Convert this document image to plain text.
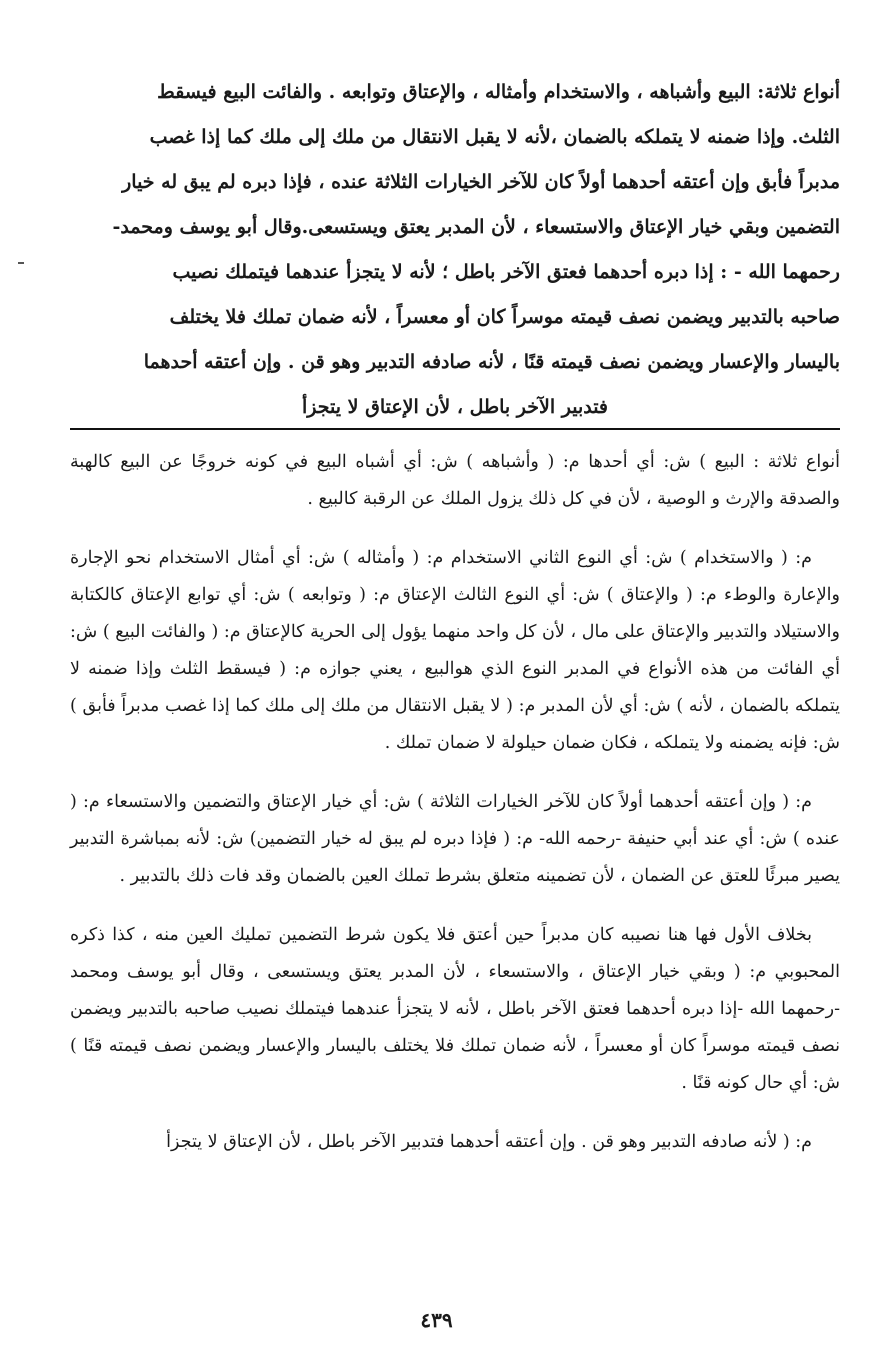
أنواع ثلاثة: البيع وأشباهه ، والاستخدام وأمثاله ، والإعتاق وتوابعه . والفائت البيع فيسقط

الثلث. وإذا ضمنه لا يتملكه بالضمان ،لأنه لا يقبل الانتقال من ملك إلى ملك كما إذا غصب

مدبراً فأبق وإن أعتقه أحدهما أولاً كان للآخر الخيارات الثلاثة عنده ، فإذا دبره لم يبق له خيار

التضمين وبقي خيار الإعتاق والاستسعاء ، لأن المدبر يعتق ويستسعى.وقال أبو يوسف ومحمد-

رحمهما الله - : إذا دبره أحدهما فعتق الآخر باطل ؛ لأنه لا يتجزأ عندهما فيتملك نصيب

صاحبه بالتدبير ويضمن نصف قيمته موسراً كان أو معسراً ، لأنه ضمان تملك فلا يختلف

باليسار والإعسار ويضمن نصف قيمته قنًا ، لأنه صادفه التدبير وهو قن . وإن أعتقه أحدهما

فتدبير الآخر باطل ، لأن الإعتاق لا يتجزأ

أنواع ثلاثة : البيع ) ش: أي أحدها م: ( وأشباهه ) ش: أي أشباه البيع في كونه خروجًا عن البيع كالهبة والصدقة والإرث و الوصية ، لأن في كل ذلك يزول الملك عن الرقبة كالبيع .

م: ( والاستخدام ) ش: أي النوع الثاني الاستخدام م: ( وأمثاله ) ش: أي أمثال الاستخدام نحو الإجارة والإعارة والوطء م: ( والإعتاق ) ش: أي النوع الثالث الإعتاق م: ( وتوابعه ) ش: أي توابع الإعتاق كالكتابة والاستيلاد والتدبير والإعتاق على مال ، لأن كل واحد منهما يؤول إلى الحرية كالإعتاق م: ( والفائت البيع ) ش: أي الفائت من هذه الأنواع في المدبر النوع الذي هوالبيع ، يعني جوازه م: ( فيسقط الثلث وإذا ضمنه لا يتملكه بالضمان ، لأنه ) ش: أي لأن المدبر م: ( لا يقبل الانتقال من ملك إلى ملك كما إذا غصب مدبراً فأبق ) ش: فإنه يضمنه ولا يتملكه ، فكان ضمان حيلولة لا ضمان تملك .

م: ( وإن أعتقه أحدهما أولاً كان للآخر الخيارات الثلاثة ) ش: أي خيار الإعتاق والتضمين والاستسعاء م: ( عنده ) ش: أي عند أبي حنيفة -رحمه الله- م: ( فإذا دبره لم يبق له خيار التضمين) ش: لأنه بمباشرة التدبير يصير مبرئًا للعتق عن الضمان ، لأن تضمينه متعلق بشرط تملك العين بالضمان وقد فات ذلك بالتدبير .

بخلاف الأول فها هنا نصيبه كان مدبراً حين أعتق فلا يكون شرط التضمين تمليك العين منه ، كذا ذكره المحبوبي م: ( وبقي خيار الإعتاق ، والاستسعاء ، لأن المدبر يعتق ويستسعى ، وقال أبو يوسف ومحمد -رحمهما الله -إذا دبره أحدهما فعتق الآخر باطل ، لأنه لا يتجزأ عندهما فيتملك نصيب صاحبه بالتدبير ويضمن نصف قيمته موسراً كان أو معسراً ، لأنه ضمان تملك فلا يختلف باليسار والإعسار ويضمن نصف قيمته قنًا ) ش: أي حال كونه قنًا .

م: ( لأنه صادفه التدبير وهو قن . وإن أعتقه أحدهما فتدبير الآخر باطل ، لأن الإعتاق لا يتجزأ

٤٣٩
